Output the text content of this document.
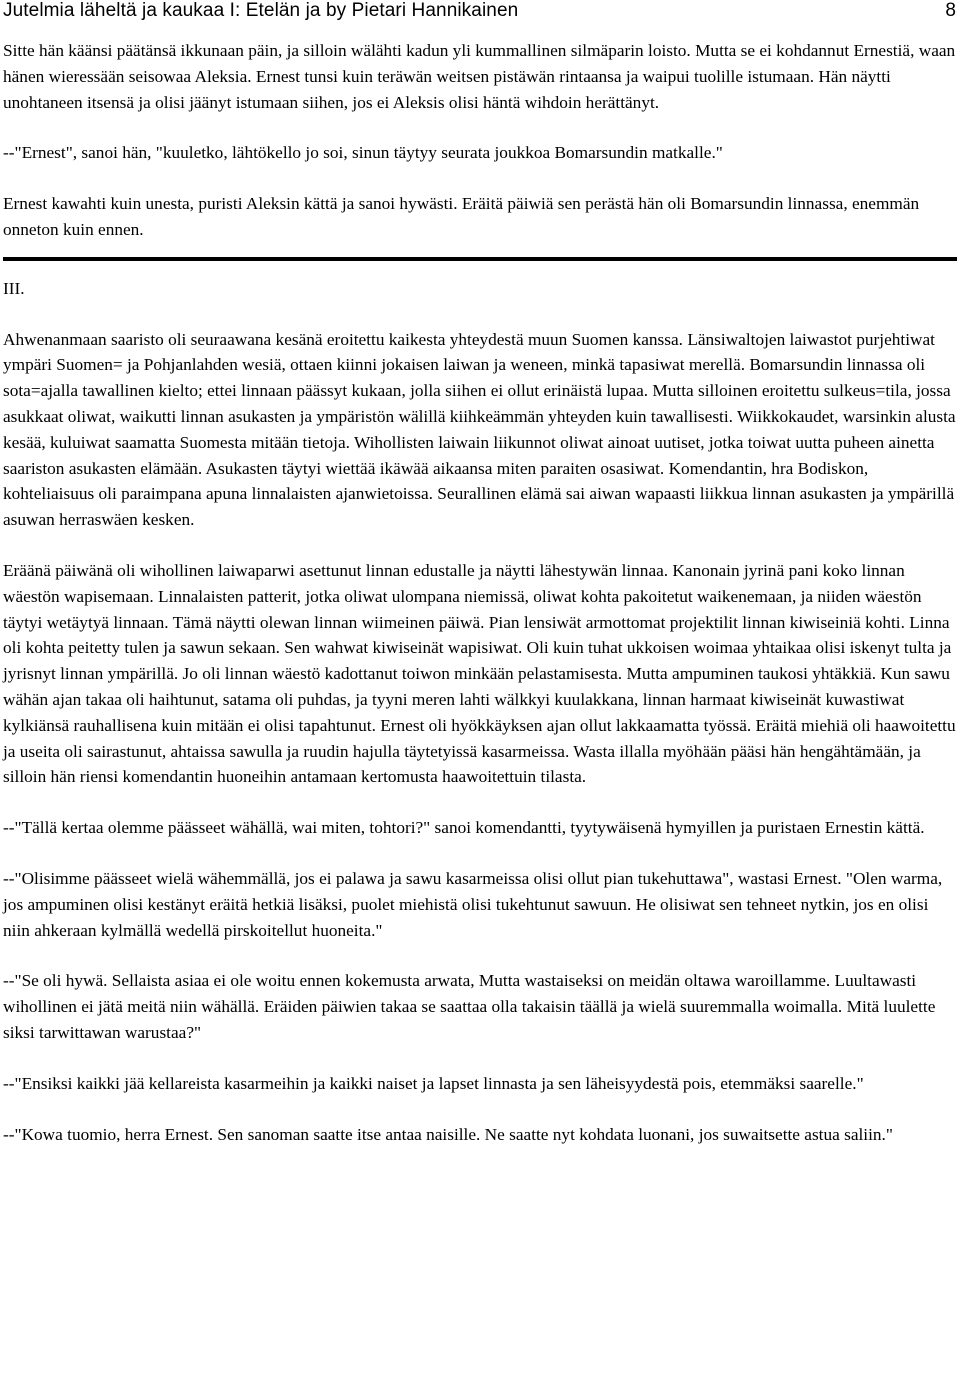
Jutelmia läheltä ja kaukaa I: Etelän ja by Pietari Hannikainen	8

Sitte hän käänsi päätänsä ikkunaan päin, ja silloin wälähti kadun yli kummallinen silmäparin loisto. Mutta se ei kohdannut Ernestiä, waan hänen wieressään seisowaa Aleksia. Ernest tunsi kuin teräwän weitsen pistäwän rintaansa ja waipui tuolille istumaan. Hän näytti unohtaneen itsensä ja olisi jäänyt istumaan siihen, jos ei Aleksis olisi häntä wihdoin herättänyt.

--"Ernest", sanoi hän, "kuuletko, lähtökello jo soi, sinun täytyy seurata joukkoa Bomarsundin matkalle."

Ernest kawahti kuin unesta, puristi Aleksin kättä ja sanoi hywästi. Eräitä päiwiä sen perästä hän oli Bomarsundin linnassa, enemmän onneton kuin ennen.

III.

Ahwenanmaan saaristo oli seuraawana kesänä eroitettu kaikesta yhteydestä muun Suomen kanssa. Länsiwaltojen laiwastot purjehtiwat ympäri Suomen= ja Pohjanlahden wesiä, ottaen kiinni jokaisen laiwan ja weneen, minkä tapasiwat merellä. Bomarsundin linnassa oli sota=ajalla tawallinen kielto; ettei linnaan päässyt kukaan, jolla siihen ei ollut erinäistä lupaa. Mutta silloinen eroitettu sulkeus=tila, jossa asukkaat oliwat, waikutti linnan asukasten ja ympäristön wälillä kiihkeämmän yhteyden kuin tawallisesti. Wiikkokaudet, warsinkin alusta kesää, kuluiwat saamatta Suomesta mitään tietoja. Wihollisten laiwain liikunnot oliwat ainoat uutiset, jotka toiwat uutta puheen ainetta saariston asukasten elämään. Asukasten täytyi wiettää ikäwää aikaansa miten paraiten osasiwat. Komendantin, hra Bodiskon, kohteliaisuus oli paraimpana apuna linnalaisten ajanwietoissa. Seurallinen elämä sai aiwan wapaasti liikkua linnan asukasten ja ympärillä asuwan herraswäen kesken.

Eräänä päiwänä oli wihollinen laiwaparwi asettunut linnan edustalle ja näytti lähestywän linnaa. Kanonain jyrinä pani koko linnan wäestön wapisemaan. Linnalaisten patterit, jotka oliwat ulompana niemissä, oliwat kohta pakoitetut waikenemaan, ja niiden wäestön täytyi wetäytyä linnaan. Tämä näytti olewan linnan wiimeinen päiwä. Pian lensiwät armottomat projektilit linnan kiwiseiniä kohti. Linna oli kohta peitetty tulen ja sawun sekaan. Sen wahwat kiwiseinät wapisiwat. Oli kuin tuhat ukkoisen woimaa yhtaikaa olisi iskenyt tulta ja jyrisnyt linnan ympärillä. Jo oli linnan wäestö kadottanut toiwon minkään pelastamisesta. Mutta ampuminen taukosi yhtäkkiä. Kun sawu wähän ajan takaa oli haihtunut, satama oli puhdas, ja tyyni meren lahti wälkkyi kuulakkana, linnan harmaat kiwiseinät kuwastiwat kylkiänsä rauhallisena kuin mitään ei olisi tapahtunut. Ernest oli hyökkäyksen ajan ollut lakkaamatta työssä. Eräitä miehiä oli haawoitettu ja useita oli sairastunut, ahtaissa sawulla ja ruudin hajulla täytetyissä kasarmeissa. Wasta illalla myöhään pääsi hän hengähtämään, ja silloin hän riensi komendantin huoneihin antamaan kertomusta haawoitettuin tilasta.

--"Tällä kertaa olemme päässeet wähällä, wai miten, tohtori?" sanoi komendantti, tyytywäisenä hymyillen ja puristaen Ernestin kättä.

--"Olisimme päässeet wielä wähemmällä, jos ei palawa ja sawu kasarmeissa olisi ollut pian tukehuttawa", wastasi Ernest. "Olen warma, jos ampuminen olisi kestänyt eräitä hetkiä lisäksi, puolet miehistä olisi tukehtunut sawuun. He olisiwat sen tehneet nytkin, jos en olisi niin ahkeraan kylmällä wedellä pirskoitellut huoneita."

--"Se oli hywä. Sellaista asiaa ei ole woitu ennen kokemusta arwata, Mutta wastaiseksi on meidän oltawa waroillamme. Luultawasti wihollinen ei jätä meitä niin wähällä. Eräiden päiwien takaa se saattaa olla takaisin täällä ja wielä suuremmalla woimalla. Mitä luulette siksi tarwittawan warustaa?"

--"Ensiksi kaikki jää kellareista kasarmeihin ja kaikki naiset ja lapset linnasta ja sen läheisyydestä pois, etemmäksi saarelle."

--"Kowa tuomio, herra Ernest. Sen sanoman saatte itse antaa naisille. Ne saatte nyt kohdata luonani, jos suwaitsette astua saliin."
